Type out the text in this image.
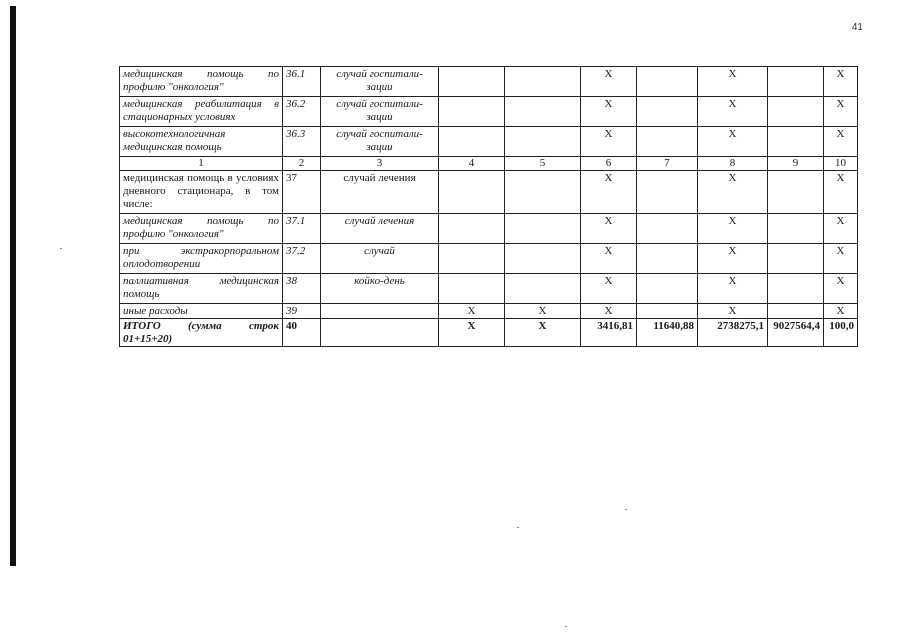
41
медицинская помощь по профилю "онкология"	36.1	случай госпитали-зации			X		X		X
медицинская реабилитация в стационарных условиях	36.2	случай госпитали-зации			X		X		X
высокотехнологичная медицинская помощь	36.3	случай госпитали-зации			X		X		X
1	2	3	4	5	6	7	8	9	10
медицинская помощь в условиях дневного стационара, в том числе:	37	случай лечения			X		X		X
медицинская помощь по профилю "онкология"	37.1	случай лечения			X		X		X
при экстракорпоральном оплодотворении	37.2	случай			X		X		X
паллиативная медицинская помощь	38	койко-день			X		X		X
иные расходы	39		X	X	X		X		X
ИТОГО (сумма строк 01+15+20)	40		X	X	3416,81	11640,88	2738275,1	9027564,4	100,0
